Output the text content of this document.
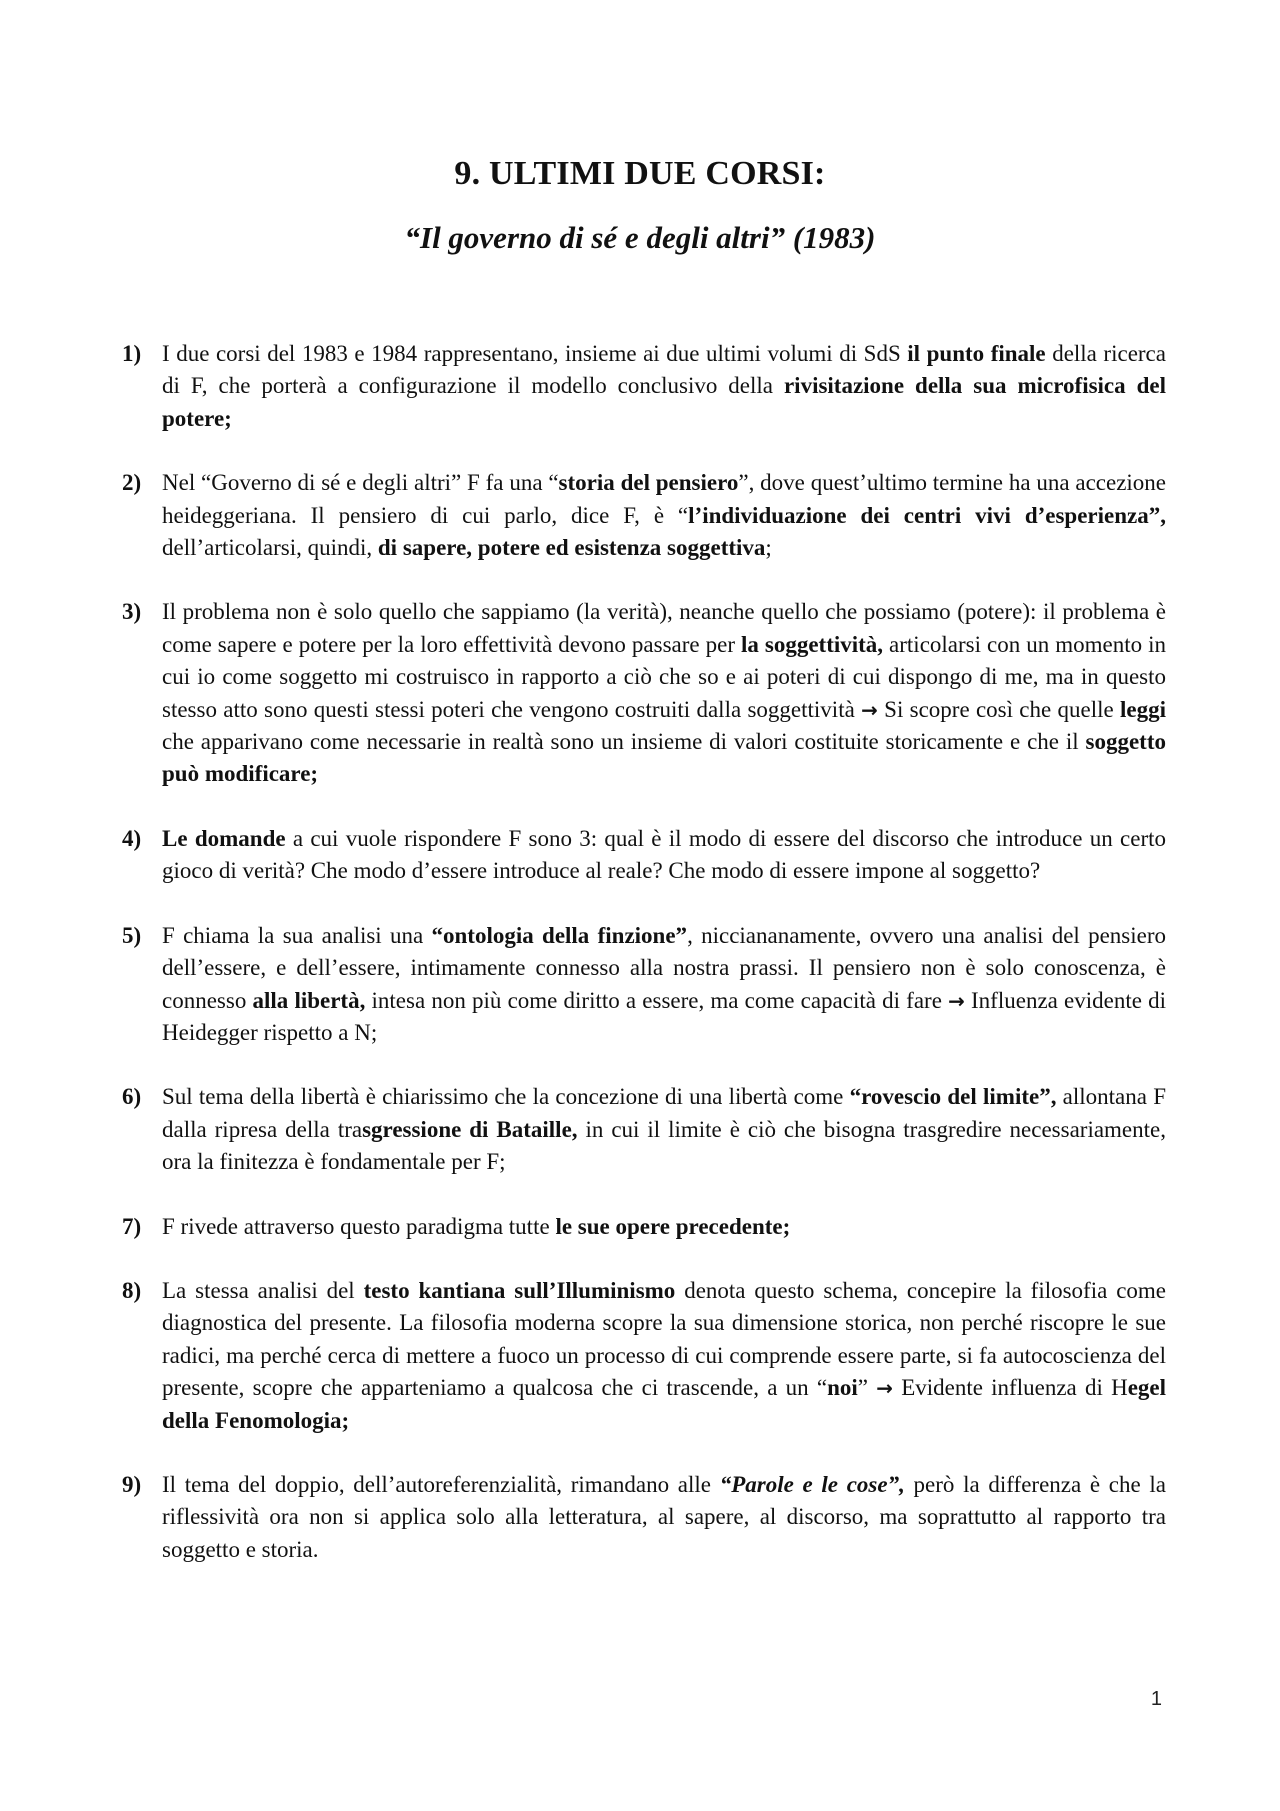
9. ULTIMI DUE CORSI:
“Il governo di sé e degli altri” (1983)
1) I due corsi del 1983 e 1984 rappresentano, insieme ai due ultimi volumi di SdS il punto finale della ricerca di F, che porterà a configurazione il modello conclusivo della rivisitazione della sua microfisica del potere;
2) Nel “Governo di sé e degli altri” F fa una “storia del pensiero”, dove quest’ultimo termine ha una accezione heideggeriana. Il pensiero di cui parlo, dice F, è “l’individuazione dei centri vivi d’esperienza”, dell’articolarsi, quindi, di sapere, potere ed esistenza soggettiva;
3) Il problema non è solo quello che sappiamo (la verità), neanche quello che possiamo (potere): il problema è come sapere e potere per la loro effettività devono passare per la soggettività, articolarsi con un momento in cui io come soggetto mi costruisco in rapporto a ciò che so e ai poteri di cui dispongo di me, ma in questo stesso atto sono questi stessi poteri che vengono costruiti dalla soggettività → Si scopre così che quelle leggi che apparivano come necessarie in realtà sono un insieme di valori costituite storicamente e che il soggetto può modificare;
4) Le domande a cui vuole rispondere F sono 3: qual è il modo di essere del discorso che introduce un certo gioco di verità? Che modo d’essere introduce al reale? Che modo di essere impone al soggetto?
5) F chiama la sua analisi una “ontologia della finzione”, nicciananamente, ovvero una analisi del pensiero dell’essere, e dell’essere, intimamente connesso alla nostra prassi. Il pensiero non è solo conoscenza, è connesso alla libertà, intesa non più come diritto a essere, ma come capacità di fare → Influenza evidente di Heidegger rispetto a N;
6) Sul tema della libertà è chiarissimo che la concezione di una libertà come “rovescio del limite”, allontana F dalla ripresa della trasgressione di Bataille, in cui il limite è ciò che bisogna trasgredire necessariamente, ora la finitezza è fondamentale per F;
7) F rivede attraverso questo paradigma tutte le sue opere precedente;
8) La stessa analisi del testo kantiana sull’Illuminismo denota questo schema, concepire la filosofia come diagnostica del presente. La filosofia moderna scopre la sua dimensione storica, non perché riscopre le sue radici, ma perché cerca di mettere a fuoco un processo di cui comprende essere parte, si fa autocoscienza del presente, scopre che apparteniamo a qualcosa che ci trascende, a un “noi” → Evidente influenza di Hegel della Fenomologia;
9) Il tema del doppio, dell’autoreferenzialità, rimandano alle “Parole e le cose”, però la differenza è che la riflessività ora non si applica solo alla letteratura, al sapere, al discorso, ma soprattutto al rapporto tra soggetto e storia.
1
